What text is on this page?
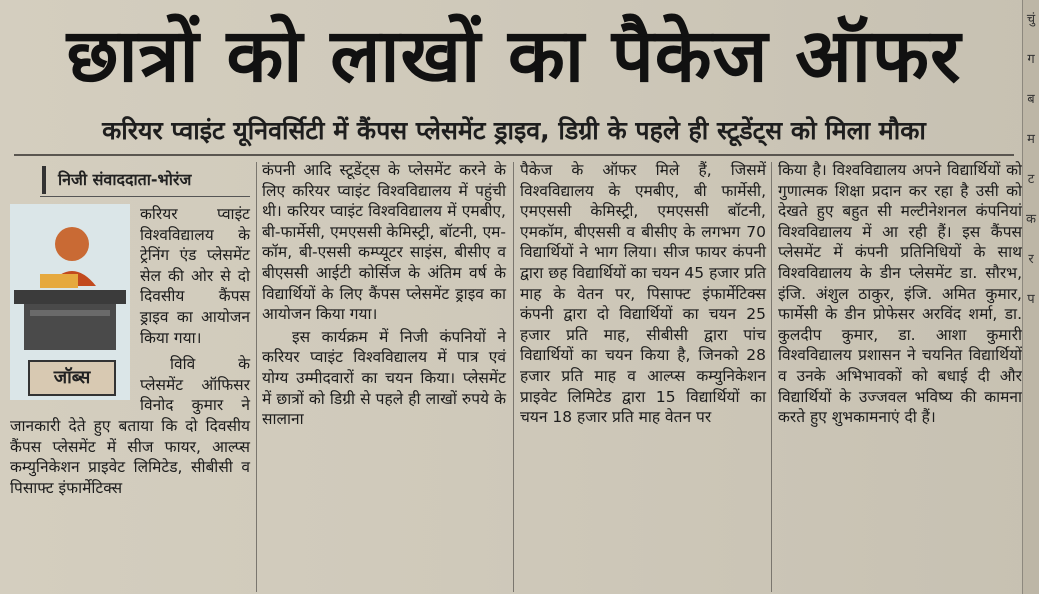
छात्रों को लाखों का पैकेज ऑफर
करियर प्वाइंट यूनिवर्सिटी में कैंपस प्लेसमेंट ड्राइव, डिग्री के पहले ही स्टूडेंट्स को मिला मौका
निजी संवाददाता-भोरंज
जॉब्स

करियर प्वाइंट विश्वविद्यालय के ट्रेनिंग एंड प्लेसमेंट सेल की ओर से दो दिवसीय कैंपस ड्राइव का आयोजन किया गया।

विवि के प्लेसमेंट ऑफिसर विनोद कुमार ने जानकारी देते हुए बताया कि दो दिवसीय कैंपस प्लेसमेंट में सीज फायर, आल्प्स कम्युनिकेशन प्राइवेट लिमिटेड, सीबीसी व पिसाफ्ट इंफार्मेटिक्स

कंपनी आदि स्टूडेंट्स के प्लेसमेंट करने के लिए करियर प्वाइंट विश्वविद्यालय में पहुंची थी। करियर प्वाइंट विश्वविद्यालय में एमबीए, बी-फार्मेसी, एमएससी केमिस्ट्री, बॉटनी, एम-कॉम, बी-एससी कम्प्यूटर साइंस, बीसीए व बीएससी आईटी कोर्सिज के अंतिम वर्ष के विद्यार्थियों के लिए कैंपस प्लेसमेंट ड्राइव का आयोजन किया गया।

इस कार्यक्रम में निजी कंपनियों ने करियर प्वाइंट विश्वविद्यालय में पात्र एवं योग्य उम्मीदवारों का चयन किया। प्लेसमेंट में छात्रों को डिग्री से पहले ही लाखों रुपये के सालाना

पैकेज के ऑफर मिले हैं, जिसमें विश्वविद्यालय के एमबीए, बी फार्मेसी, एमएससी केमिस्ट्री, एमएससी बॉटनी, एमकॉम, बीएससी व बीसीए के लगभग 70 विद्यार्थियों ने भाग लिया। सीज फायर कंपनी द्वारा छह विद्यार्थियों का चयन 45 हजार प्रति माह के वेतन पर, पिसाफ्ट इंफार्मेटिक्स कंपनी द्वारा दो विद्यार्थियों का चयन 25 हजार प्रति माह, सीबीसी द्वारा पांच विद्यार्थियों का चयन किया है, जिनको 28 हजार प्रति माह व आल्प्स कम्युनिकेशन प्राइवेट लिमिटेड द्वारा 15 विद्यार्थियों का चयन 18 हजार प्रति माह वेतन पर

किया है। विश्वविद्यालय अपने विद्यार्थियों को गुणात्मक शिक्षा प्रदान कर रहा है उसी को देखते हुए बहुत सी मल्टीनेशनल कंपनियां विश्वविद्यालय में आ रही हैं। इस कैंपस प्लेसमेंट में कंपनी प्रतिनिधियों के साथ विश्वविद्यालय के डीन प्लेसमेंट डा. सौरभ, इंजि. अंशुल ठाकुर, इंजि. अमित कुमार, फार्मेसी के डीन प्रोफेसर अरविंद शर्मा, डा. कुलदीप कुमार, डा. आशा कुमारी विश्वविद्यालय प्रशासन ने चयनित विद्यार्थियों व उनके अभिभावकों को बधाई दी और विद्यार्थियों के उज्जवल भविष्य की कामना करते हुए शुभकामनाएं दी हैं।

चुं
ग
ब
म
ट
क
र
प
